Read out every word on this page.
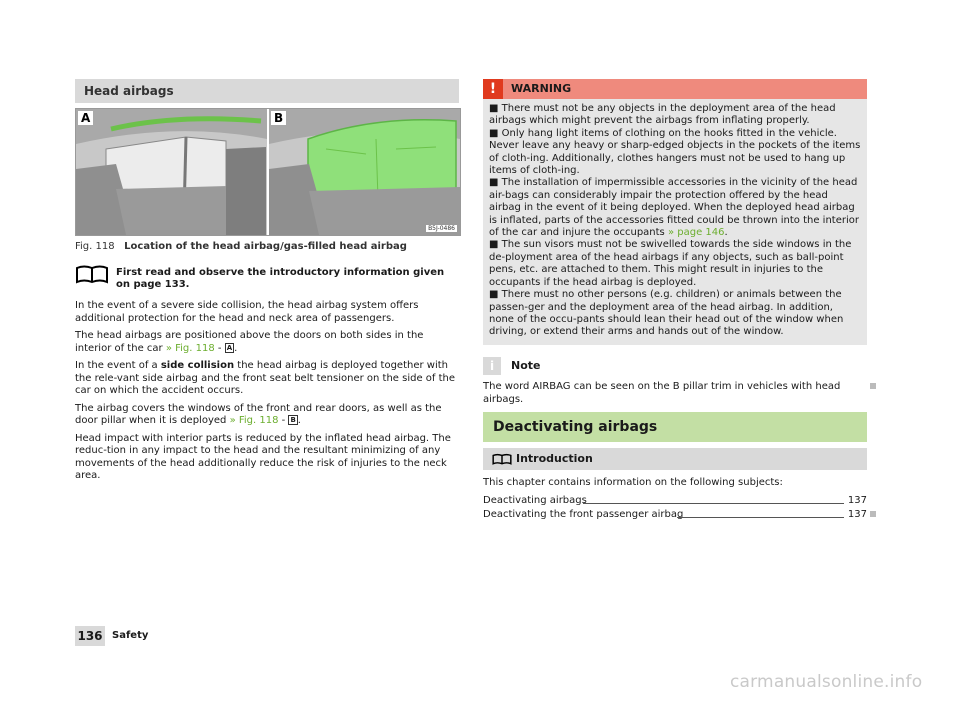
Head airbags
A	B
B5J-0486
Fig. 118 Location of the head airbag/gas-filled head airbag
First read and observe the introductory information given on page 133.

In the event of a severe side collision, the head airbag system offers additional protection for the head and neck area of passengers.

The head airbags are positioned above the doors on both sides in the interior of the car » Fig. 118 - A .

In the event of a side collision the head airbag is deployed together with the rele-vant side airbag and the front seat belt tensioner on the side of the car on which the accident occurs.

The airbag covers the windows of the front and rear doors, as well as the door pillar when it is deployed » Fig. 118 - B .

Head impact with interior parts is reduced by the inflated head airbag. The reduc-tion in any impact to the head and the resultant minimizing of any movements of the head additionally reduce the risk of injuries to the neck area.

!	WARNING

■ There must not be any objects in the deployment area of the head airbags which might prevent the airbags from inflating properly.

■ Only hang light items of clothing on the hooks fitted in the vehicle. Never leave any heavy or sharp-edged objects in the pockets of the items of cloth-ing. Additionally, clothes hangers must not be used to hang up items of cloth-ing.

■ The installation of impermissible accessories in the vicinity of the head air-bags can considerably impair the protection offered by the head airbag in the event of it being deployed. When the deployed head airbag is inflated, parts of the accessories fitted could be thrown into the interior of the car and injure the occupants » page 146.

■ The sun visors must not be swivelled towards the side windows in the de-ployment area of the head airbags if any objects, such as ball-point pens, etc. are attached to them. This might result in injuries to the occupants if the head airbag is deployed.

■ There must no other persons (e.g. children) or animals between the passen-ger and the deployment area of the head airbag. In addition, none of the occu-pants should lean their head out of the window when driving, or extend their arms and hands out of the window.

i	Note
The word AIRBAG can be seen on the B pillar trim in vehicles with head airbags.
Deactivating airbags
Introduction
This chapter contains information on the following subjects:
Deactivating airbags	137
Deactivating the front passenger airbag	137
136 Safety
carmanualsonline.info
